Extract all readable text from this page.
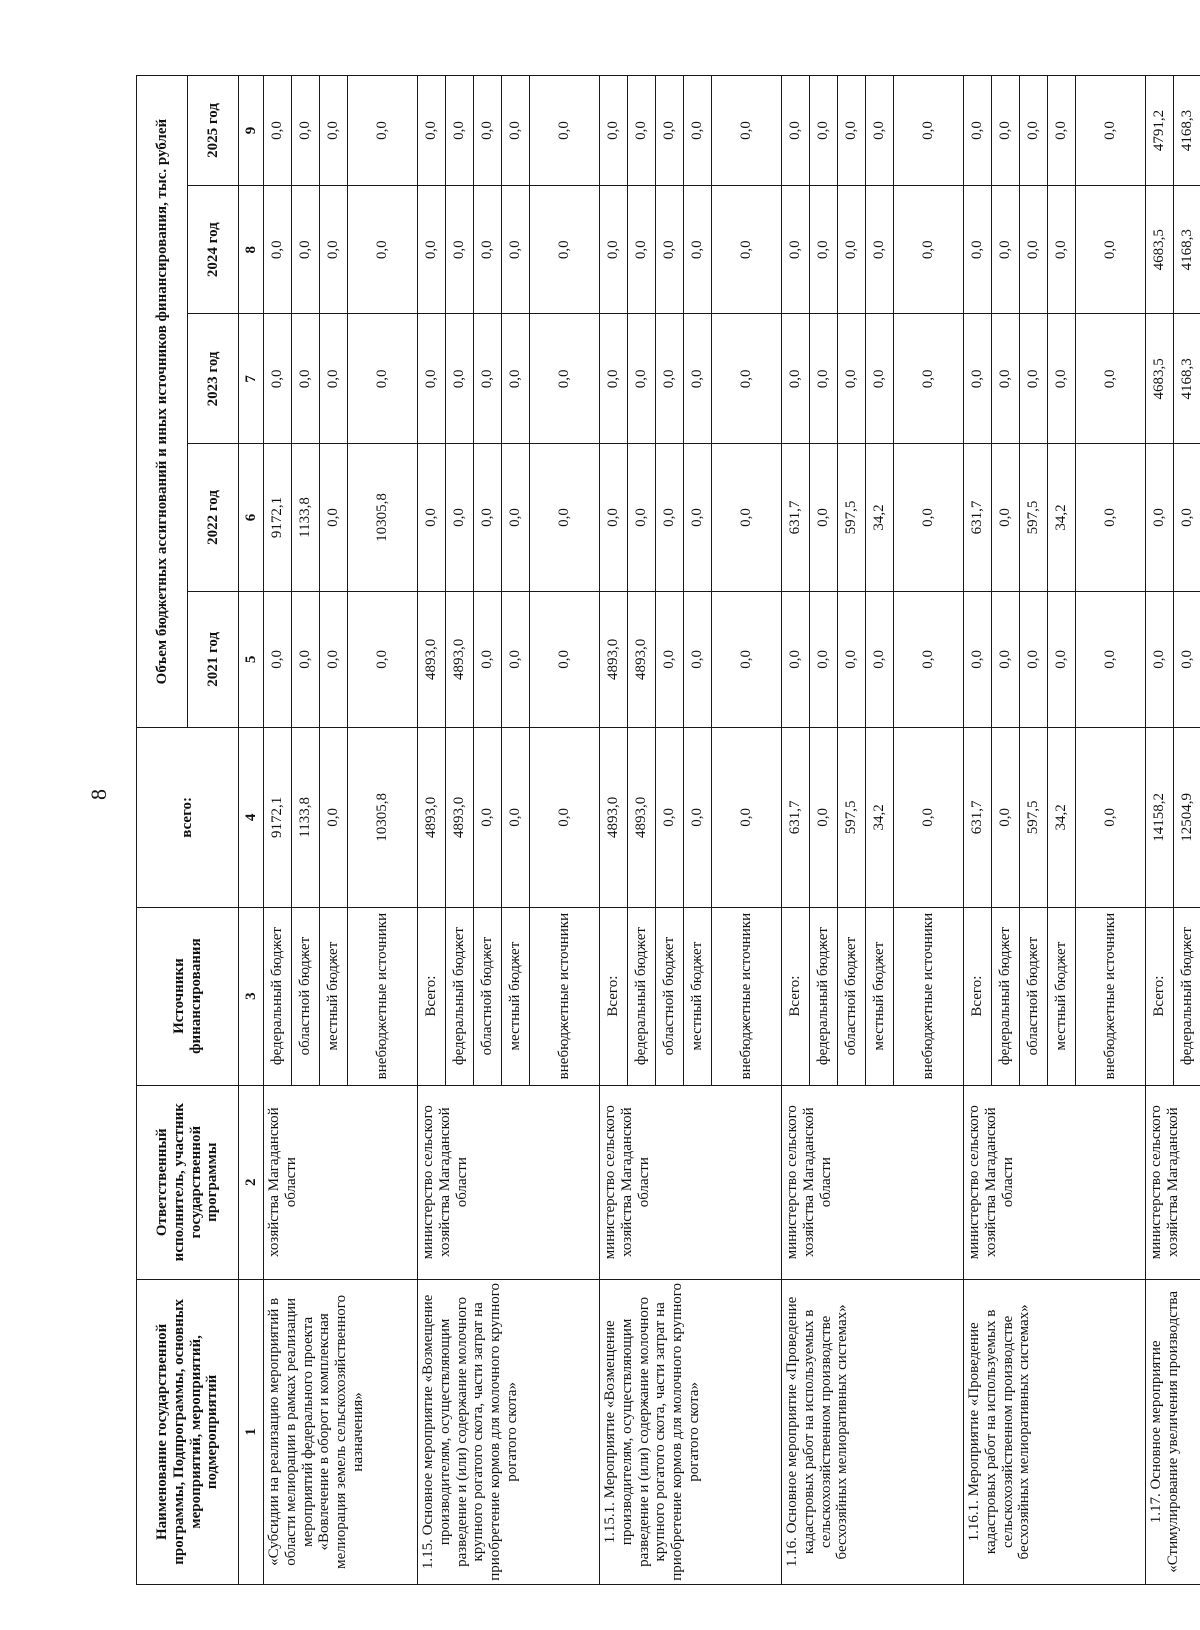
8
Наименование государственной программы, Подпрограммы, основных мероприятий, мероприятий, подмероприятий	Ответственный исполнитель, участник государственной программы	Источники финансирования	всего:	Объем бюджетных ассигнований и иных источников финансирования, тыс. рублей				
				2021 год	2022 год	2023 год	2024 год	2025 год
1	2	3	4	5	6	7	8	9
«Субсидии на реализацию мероприятий в области мелиорации в рамках реализации мероприятий федерального проекта «Вовлечение в оборот и комплексная мелиорация земель сельскохозяйственного назначения»	хозяйства Магаданской области	федеральный бюджет	9172,1	0,0	9172,1	0,0	0,0	0,0
		областной бюджет	1133,8	0,0	1133,8	0,0	0,0	0,0
		местный бюджет	0,0	0,0	0,0	0,0	0,0	0,0
		внебюджетные источники	10305,8	0,0	10305,8	0,0	0,0	0,0
1.15. Основное мероприятие «Возмещение производителям, осуществляющим разведение и (или) содержание молочного крупного рогатого скота, части затрат на приобретение кормов для молочного крупного рогатого скота»	министерство сельского хозяйства Магаданской области	Всего:	4893,0	4893,0	0,0	0,0	0,0	0,0
		федеральный бюджет	4893,0	4893,0	0,0	0,0	0,0	0,0
		областной бюджет	0,0	0,0	0,0	0,0	0,0	0,0
		местный бюджет	0,0	0,0	0,0	0,0	0,0	0,0
		внебюджетные источники	0,0	0,0	0,0	0,0	0,0	0,0
1.15.1. Мероприятие «Возмещение производителям, осуществляющим разведение и (или) содержание молочного крупного рогатого скота, части затрат на приобретение кормов для молочного крупного рогатого скота»	министерство сельского хозяйства Магаданской области	Всего:	4893,0	4893,0	0,0	0,0	0,0	0,0
		федеральный бюджет	4893,0	4893,0	0,0	0,0	0,0	0,0
		областной бюджет	0,0	0,0	0,0	0,0	0,0	0,0
		местный бюджет	0,0	0,0	0,0	0,0	0,0	0,0
		внебюджетные источники	0,0	0,0	0,0	0,0	0,0	0,0
1.16. Основное мероприятие «Проведение кадастровых работ на используемых в сельскохозяйственном производстве бесхозяйных мелиоративных системах»	министерство сельского хозяйства Магаданской области	Всего:	631,7	0,0	631,7	0,0	0,0	0,0
		федеральный бюджет	0,0	0,0	0,0	0,0	0,0	0,0
		областной бюджет	597,5	0,0	597,5	0,0	0,0	0,0
		местный бюджет	34,2	0,0	34,2	0,0	0,0	0,0
		внебюджетные источники	0,0	0,0	0,0	0,0	0,0	0,0
1.16.1. Мероприятие «Проведение кадастровых работ на используемых в сельскохозяйственном производстве бесхозяйных мелиоративных системах»	министерство сельского хозяйства Магаданской области	Всего:	631,7	0,0	631,7	0,0	0,0	0,0
		федеральный бюджет	0,0	0,0	0,0	0,0	0,0	0,0
		областной бюджет	597,5	0,0	597,5	0,0	0,0	0,0
		местный бюджет	34,2	0,0	34,2	0,0	0,0	0,0
		внебюджетные источники	0,0	0,0	0,0	0,0	0,0	0,0
1.17. Основное мероприятие «Стимулирование увеличения производства	министерство сельского хозяйства Магаданской	Всего:	14158,2	0,0	0,0	4683,5	4683,5	4791,2
		федеральный бюджет	12504,9	0,0	0,0	4168,3	4168,3	4168,3
